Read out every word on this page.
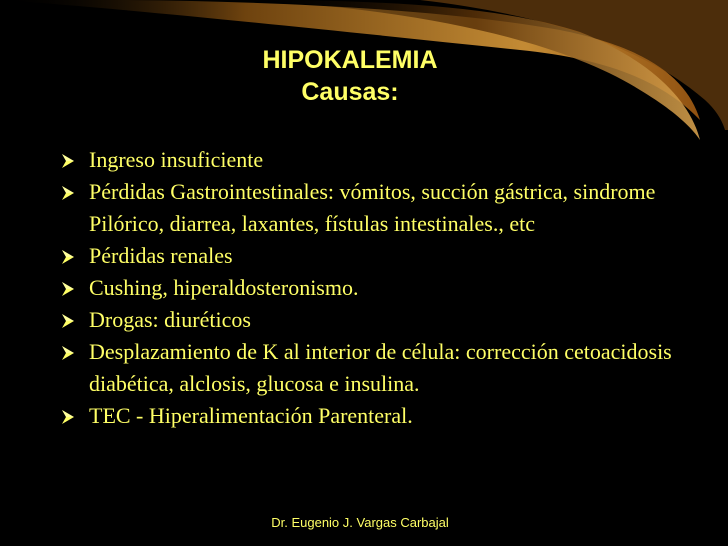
HIPOKALEMIA
Causas:
Ingreso insuficiente
Pérdidas Gastrointestinales: vómitos, succión gástrica, sindrome Pilórico, diarrea, laxantes, fístulas intestinales., etc
Pérdidas renales
Cushing, hiperaldosteronismo.
Drogas: diuréticos
Desplazamiento de K al interior de célula: corrección cetoacidosis diabética, alclosis, glucosa e insulina.
TEC - Hiperalimentación Parenteral.
Dr. Eugenio J. Vargas Carbajal
